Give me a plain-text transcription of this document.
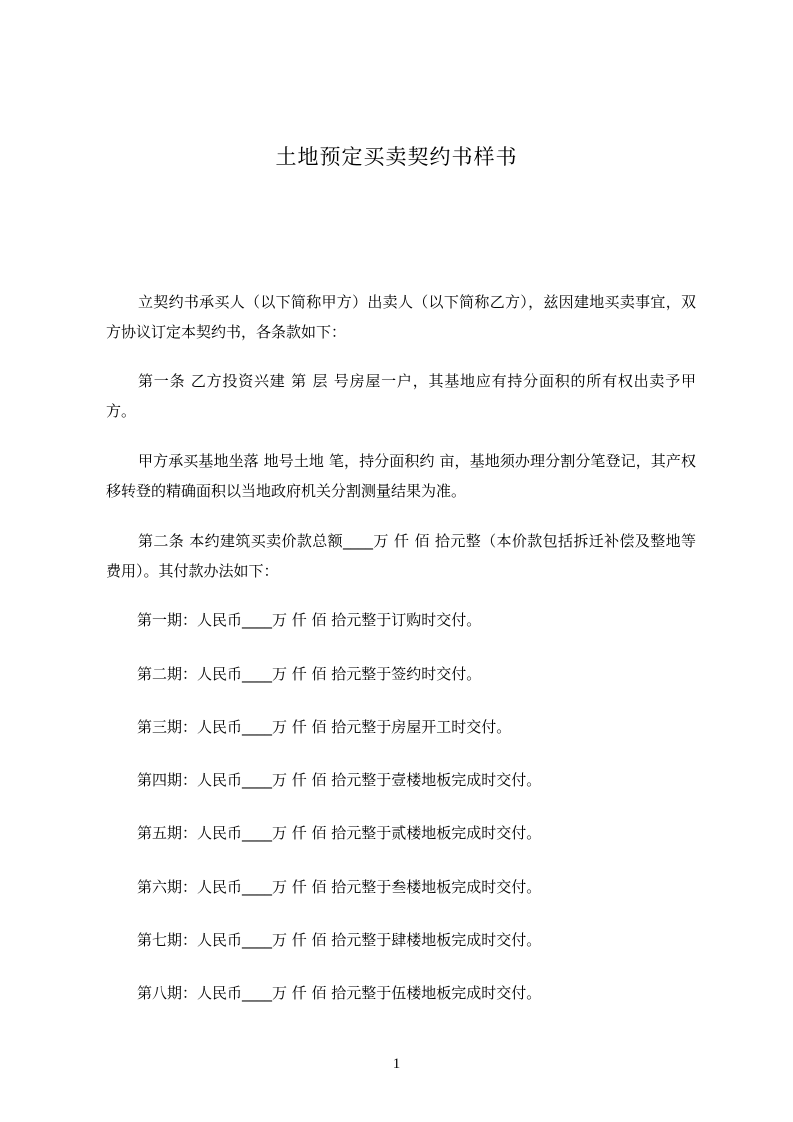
土地预定买卖契约书样书

立契约书承买人（以下简称甲方）出卖人（以下简称乙方），兹因建地买卖事宜，双方协议订定本契约书，各条款如下：

第一条 乙方投资兴建 第 层 号房屋一户，其基地应有持分面积的所有权出卖予甲方。

甲方承买基地坐落 地号土地 笔，持分面积约 亩，基地须办理分割分笔登记，其产权移转登的精确面积以当地政府机关分割测量结果为准。

第二条 本约建筑买卖价款总额____万 仟 佰 拾元整（本价款包括拆迁补偿及整地等费用）。其付款办法如下：

第一期：人民币____万 仟 佰 拾元整于订购时交付。

第二期：人民币____万 仟 佰 拾元整于签约时交付。

第三期：人民币____万 仟 佰 拾元整于房屋开工时交付。

第四期：人民币____万 仟 佰 拾元整于壹楼地板完成时交付。

第五期：人民币____万 仟 佰 拾元整于贰楼地板完成时交付。

第六期：人民币____万 仟 佰 拾元整于叁楼地板完成时交付。

第七期：人民币____万 仟 佰 拾元整于肆楼地板完成时交付。

第八期：人民币____万 仟 佰 拾元整于伍楼地板完成时交付。

1
